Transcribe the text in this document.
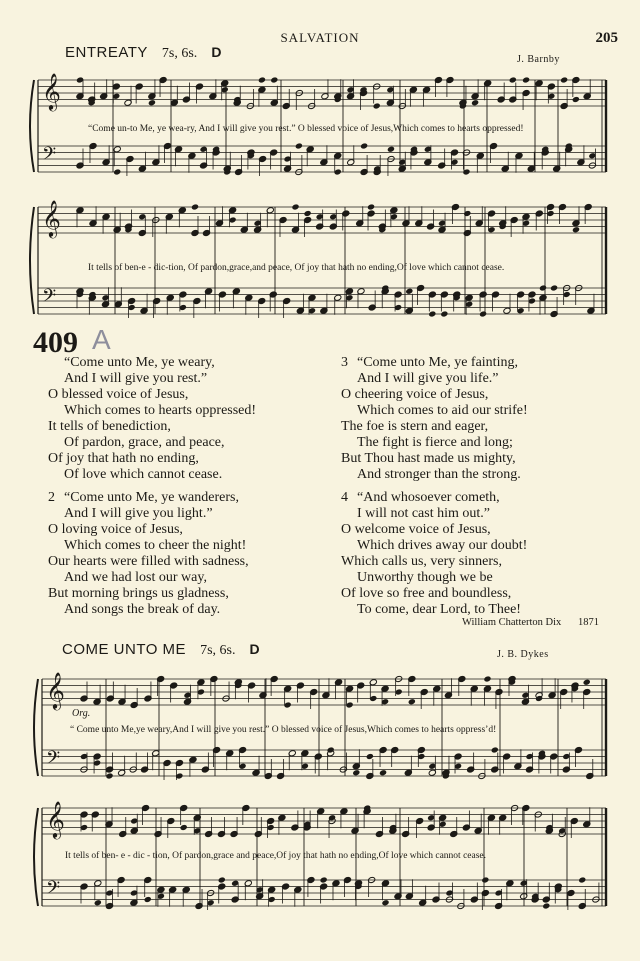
SALVATION	205
ENTREATY 7s, 6s. D	J. Barnby
𝄞
𝄢
𝄞
𝄢
𝄞
𝄢
𝄞
𝄢
“Come un-to Me, ye wea-ry, And I will give you rest.” O blessed voice of Jesus,Which comes to hearts oppressed!
It tells of ben-e - dic-tion, Of pardon,grace,and peace, Of joy that hath no ending,Of love which cannot cease.
409 A
“Come unto Me, ye weary,
And I will give you rest.”
O blessed voice of Jesus,
Which comes to hearts oppressed!
It tells of benediction,
Of pardon, grace, and peace,
Of joy that hath no ending,
Of love which cannot cease.
2 “Come unto Me, ye wanderers,
And I will give you light.”
O loving voice of Jesus,
Which comes to cheer the night!
Our hearts were filled with sadness,
And we had lost our way,
But morning brings us gladness,
And songs the break of day.
3 “Come unto Me, ye fainting,
And I will give you life.”
O cheering voice of Jesus,
Which comes to aid our strife!
The foe is stern and eager,
The fight is fierce and long;
But Thou hast made us mighty,
And stronger than the strong.
4 “And whosoever cometh,
I will not cast him out.”
O welcome voice of Jesus,
Which drives away our doubt!
Which calls us, very sinners,
Unworthy though we be
Of love so free and boundless,
To come, dear Lord, to Thee!
William Chatterton Dix 1871
COME UNTO ME 7s, 6s. D	J. B. Dykes
Org.
“ Come unto Me,ye weary,And I will give you rest.” O blessed voice of Jesus,Which comes to hearts oppress’d!
It tells of ben- e - dic - tion, Of pardon,grace and peace,Of joy that hath no ending,Of love which cannot cease.
